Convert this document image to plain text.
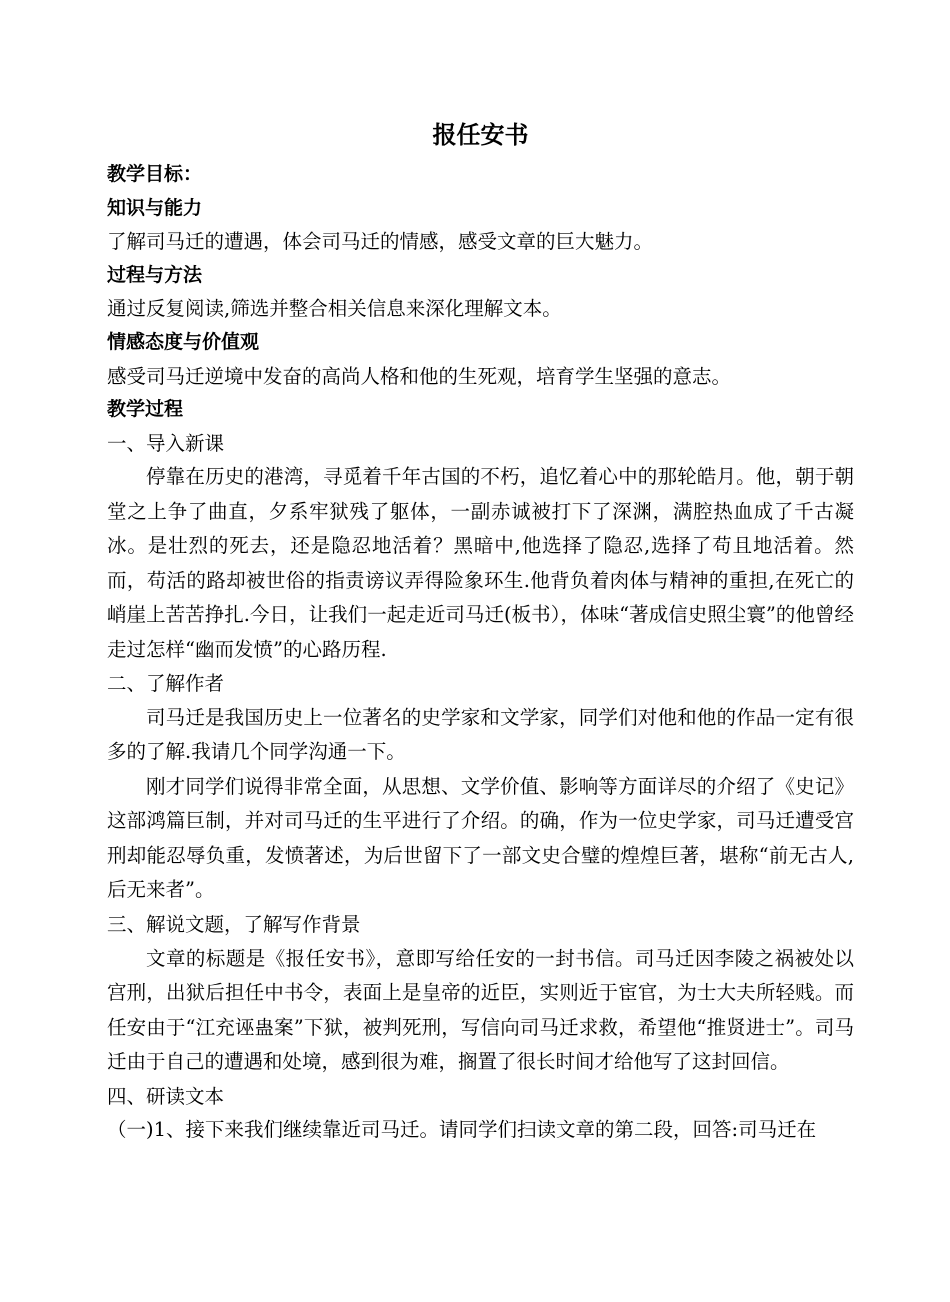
报任安书
教学目标：
知识与能力
了解司马迁的遭遇，体会司马迁的情感，感受文章的巨大魅力。
过程与方法
通过反复阅读,筛选并整合相关信息来深化理解文本。
情感态度与价值观
感受司马迁逆境中发奋的高尚人格和他的生死观，培育学生坚强的意志。
教学过程
一、导入新课

停靠在历史的港湾，寻觅着千年古国的不朽，追忆着心中的那轮皓月。他，朝于朝堂之上争了曲直，夕系牢狱残了躯体，一副赤诚被打下了深渊，满腔热血成了千古凝冰。是壮烈的死去，还是隐忍地活着？黑暗中,他选择了隐忍,选择了苟且地活着。然而，苟活的路却被世俗的指责谤议弄得险象环生.他背负着肉体与精神的重担,在死亡的峭崖上苦苦挣扎.今日，让我们一起走近司马迁(板书），体味“著成信史照尘寰”的他曾经走过怎样“幽而发愤”的心路历程.

二、了解作者

司马迁是我国历史上一位著名的史学家和文学家，同学们对他和他的作品一定有很多的了解.我请几个同学沟通一下。

刚才同学们说得非常全面，从思想、文学价值、影响等方面详尽的介绍了《史记》这部鸿篇巨制，并对司马迁的生平进行了介绍。的确，作为一位史学家，司马迁遭受宫刑却能忍辱负重，发愤著述，为后世留下了一部文史合璧的煌煌巨著，堪称“前无古人,后无来者”。

三、解说文题，了解写作背景

文章的标题是《报任安书》，意即写给任安的一封书信。司马迁因李陵之祸被处以宫刑，出狱后担任中书令，表面上是皇帝的近臣，实则近于宦官，为士大夫所轻贱。而任安由于“江充诬蛊案”下狱，被判死刑，写信向司马迁求救，希望他“推贤进士”。司马迁由于自己的遭遇和处境，感到很为难，搁置了很长时间才给他写了这封回信。

四、研读文本

（一)1、接下来我们继续靠近司马迁。请同学们扫读文章的第二段，回答:司马迁在
